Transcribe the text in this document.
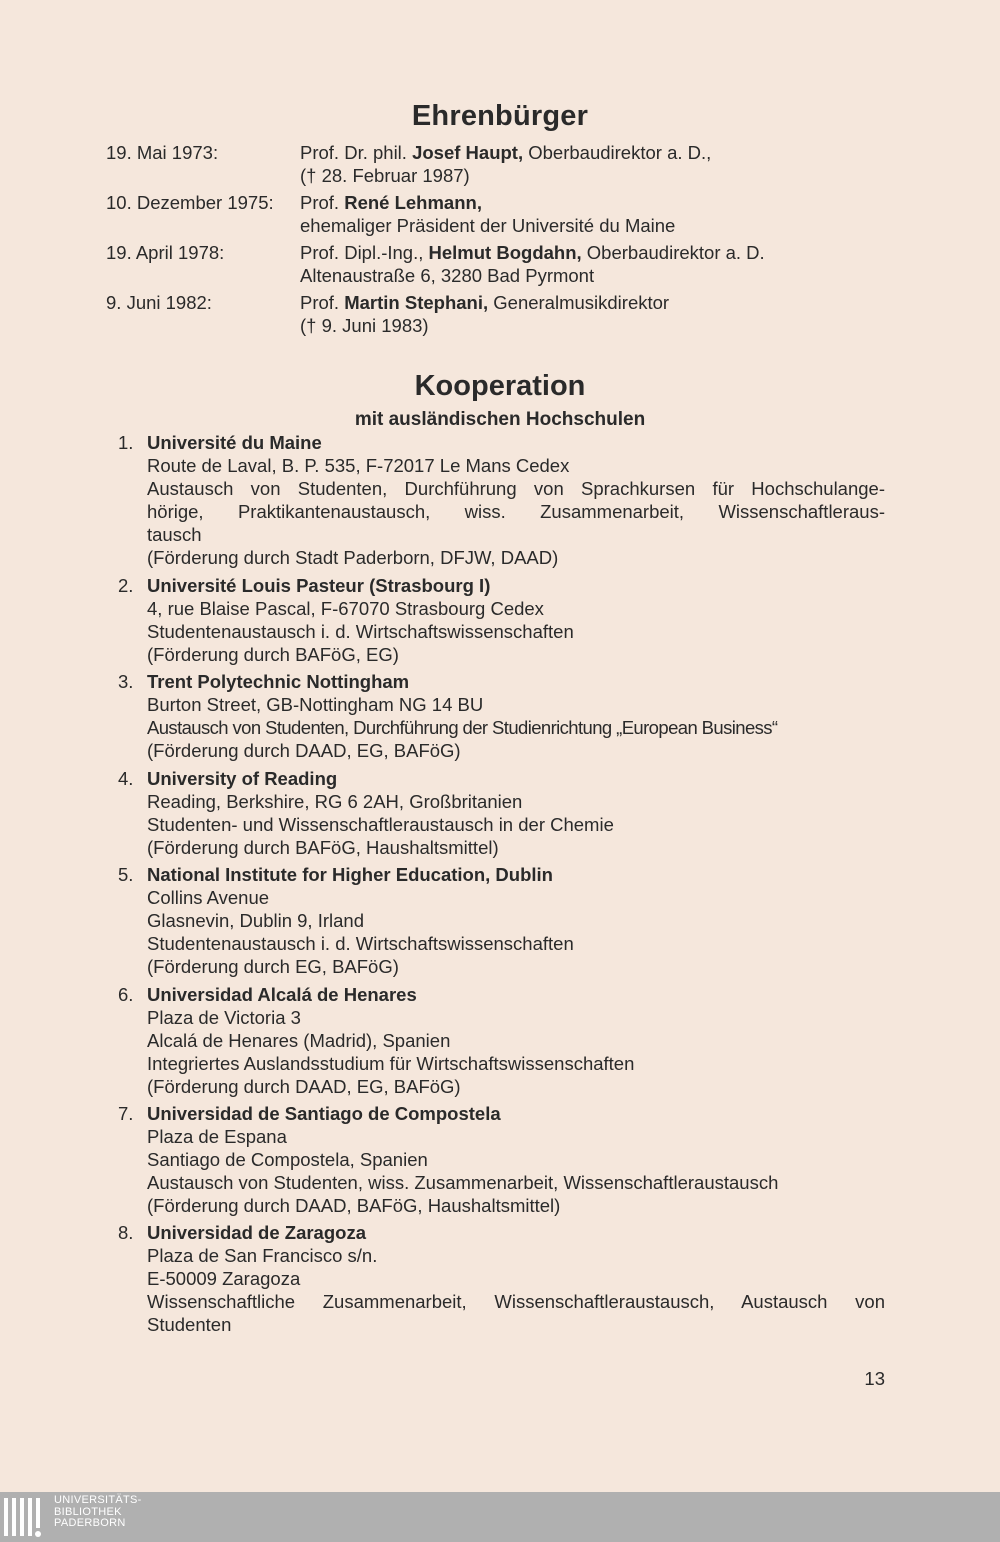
Ehrenbürger
19. Mai 1973:	Prof. Dr. phil. Josef Haupt, Oberbaudirektor a. D.,
(† 28. Februar 1987)
10. Dezember 1975:	Prof. René Lehmann,
ehemaliger Präsident der Université du Maine
19. April 1978:	Prof. Dipl.-Ing., Helmut Bogdahn, Oberbaudirektor a. D.
Altenaustraße 6, 3280 Bad Pyrmont
9. Juni 1982:	Prof. Martin Stephani, Generalmusikdirektor
(† 9. Juni 1983)
Kooperation
mit ausländischen Hochschulen
1. Université du Maine
Route de Laval, B. P. 535, F-72017 Le Mans Cedex
Austausch von Studenten, Durchführung von Sprachkursen für Hochschulange-
hörige, Praktikantenaustausch, wiss. Zusammenarbeit, Wissenschaftleraus-
tausch
(Förderung durch Stadt Paderborn, DFJW, DAAD)
2. Université Louis Pasteur (Strasbourg I)
4, rue Blaise Pascal, F-67070 Strasbourg Cedex
Studentenaustausch i. d. Wirtschaftswissenschaften
(Förderung durch BAFöG, EG)
3. Trent Polytechnic Nottingham
Burton Street, GB-Nottingham NG 14 BU
Austausch von Studenten, Durchführung der Studienrichtung „European Business“
(Förderung durch DAAD, EG, BAFöG)
4. University of Reading
Reading, Berkshire, RG 6 2AH, Großbritanien
Studenten- und Wissenschaftleraustausch in der Chemie
(Förderung durch BAFöG, Haushaltsmittel)
5. National Institute for Higher Education, Dublin
Collins Avenue
Glasnevin, Dublin 9, Irland
Studentenaustausch i. d. Wirtschaftswissenschaften
(Förderung durch EG, BAFöG)
6. Universidad Alcalá de Henares
Plaza de Victoria 3
Alcalá de Henares (Madrid), Spanien
Integriertes Auslandsstudium für Wirtschaftswissenschaften
(Förderung durch DAAD, EG, BAFöG)
7. Universidad de Santiago de Compostela
Plaza de Espana
Santiago de Compostela, Spanien
Austausch von Studenten, wiss. Zusammenarbeit, Wissenschaftleraustausch
(Förderung durch DAAD, BAFöG, Haushaltsmittel)
8. Universidad de Zaragoza
Plaza de San Francisco s/n.
E-50009 Zaragoza
Wissenschaftliche Zusammenarbeit, Wissenschaftleraustausch, Austausch von
Studenten
13
UNIVERSITÄTS-
BIBLIOTHEK
PADERBORN
